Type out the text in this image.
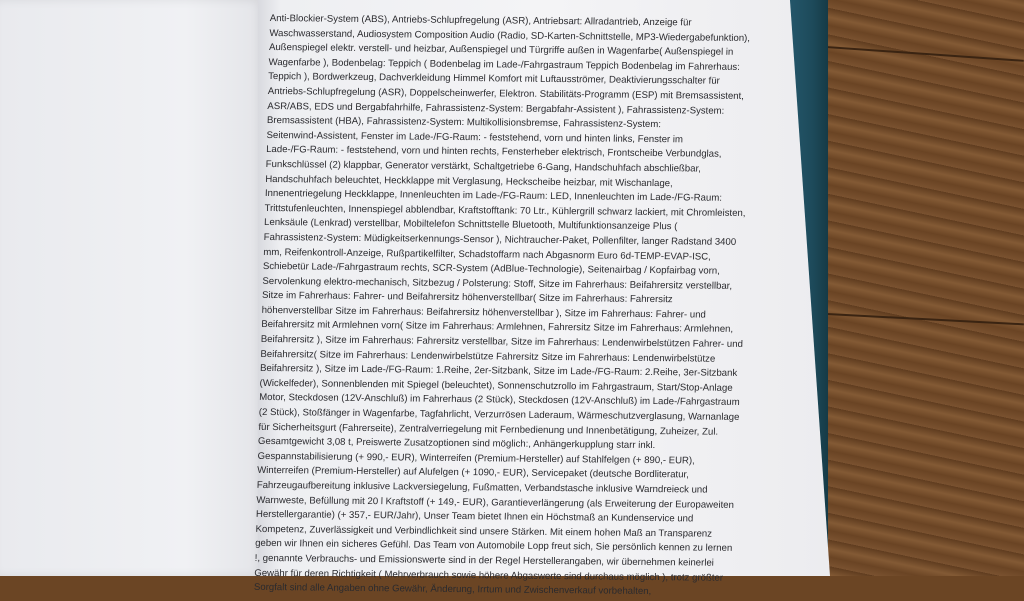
Anti-Blockier-System (ABS), Antriebs-Schlupfregelung (ASR), Antriebsart: Allradantrieb, Anzeige für
Waschwasserstand, Audiosystem Composition Audio (Radio, SD-Karten-Schnittstelle, MP3-Wiedergabefunktion),
Außenspiegel elektr. verstell- und heizbar, Außenspiegel und Türgriffe außen in Wagenfarbe( Außenspiegel in
Wagenfarbe ), Bodenbelag: Teppich ( Bodenbelag im Lade-/Fahrgastraum Teppich Bodenbelag im Fahrerhaus:
Teppich ), Bordwerkzeug, Dachverkleidung Himmel Komfort mit Luftausströmer, Deaktivierungsschalter für
Antriebs-Schlupfregelung (ASR), Doppelscheinwerfer, Elektron. Stabilitäts-Programm (ESP) mit Bremsassistent,
ASR/ABS, EDS und Bergabfahrhilfe, Fahrassistenz-System: Bergabfahr-Assistent ), Fahrassistenz-System:
Bremsassistent (HBA), Fahrassistenz-System: Multikollisionsbremse, Fahrassistenz-System:
Seitenwind-Assistent, Fenster im Lade-/FG-Raum: - feststehend, vorn und hinten links, Fenster im
Lade-/FG-Raum: - feststehend, vorn und hinten rechts, Fensterheber elektrisch, Frontscheibe Verbundglas,
Funkschlüssel (2) klappbar, Generator verstärkt, Schaltgetriebe 6-Gang, Handschuhfach abschließbar,
Handschuhfach beleuchtet, Heckklappe mit Verglasung, Heckscheibe heizbar, mit Wischanlage,
Innenentriegelung Heckklappe, Innenleuchten im Lade-/FG-Raum: LED, Innenleuchten im Lade-/FG-Raum:
Trittstufenleuchten, Innenspiegel abblendbar, Kraftstofftank: 70 Ltr., Kühlergrill schwarz lackiert, mit Chromleisten,
Lenksäule (Lenkrad) verstellbar, Mobiltelefon Schnittstelle Bluetooth, Multifunktionsanzeige Plus (
Fahrassistenz-System: Müdigkeitserkennungs-Sensor ), Nichtraucher-Paket, Pollenfilter, langer Radstand 3400
mm, Reifenkontroll-Anzeige, Rußpartikelfilter, Schadstoffarm nach Abgasnorm Euro 6d-TEMP-EVAP-ISC,
Schiebetür Lade-/Fahrgastraum rechts, SCR-System (AdBlue-Technologie), Seitenairbag / Kopfairbag vorn,
Servolenkung elektro-mechanisch, Sitzbezug / Polsterung: Stoff, Sitze im Fahrerhaus: Beifahrersitz verstellbar,
Sitze im Fahrerhaus: Fahrer- und Beifahrersitz höhenverstellbar( Sitze im Fahrerhaus: Fahrersitz
höhenverstellbar Sitze im Fahrerhaus: Beifahrersitz höhenverstellbar ), Sitze im Fahrerhaus: Fahrer- und
Beifahrersitz mit Armlehnen vorn( Sitze im Fahrerhaus: Armlehnen, Fahrersitz Sitze im Fahrerhaus: Armlehnen,
Beifahrersitz ), Sitze im Fahrerhaus: Fahrersitz verstellbar, Sitze im Fahrerhaus: Lendenwirbelstützen Fahrer- und
Beifahrersitz( Sitze im Fahrerhaus: Lendenwirbelstütze Fahrersitz Sitze im Fahrerhaus: Lendenwirbelstütze
Beifahrersitz ), Sitze im Lade-/FG-Raum: 1.Reihe, 2er-Sitzbank, Sitze im Lade-/FG-Raum: 2.Reihe, 3er-Sitzbank
(Wickelfeder), Sonnenblenden mit Spiegel (beleuchtet), Sonnenschutzrollo im Fahrgastraum, Start/Stop-Anlage
Motor, Steckdosen (12V-Anschluß) im Fahrerhaus (2 Stück), Steckdosen (12V-Anschluß) im Lade-/Fahrgastraum
(2 Stück), Stoßfänger in Wagenfarbe, Tagfahrlicht, Verzurrösen Laderaum, Wärmeschutzverglasung, Warnanlage
für Sicherheitsgurt (Fahrerseite), Zentralverriegelung mit Fernbedienung und Innenbetätigung, Zuheizer, Zul.
Gesamtgewicht 3,08 t, Preiswerte Zusatzoptionen sind möglich:, Anhängerkupplung starr inkl.
Gespannstabilisierung (+ 990,- EUR), Winterreifen (Premium-Hersteller) auf Stahlfelgen (+ 890,- EUR),
Winterreifen (Premium-Hersteller) auf Alufelgen (+ 1090,- EUR), Servicepaket (deutsche Bordliteratur,
Fahrzeugaufbereitung inklusive Lackversiegelung, Fußmatten, Verbandstasche inklusive Warndreieck und
Warnweste, Befüllung mit 20 l Kraftstoff (+ 149,- EUR), Garantieverlängerung (als Erweiterung der Europaweiten
Herstellergarantie) (+ 357,- EUR/Jahr), Unser Team bietet Ihnen ein Höchstmaß an Kundenservice und
Kompetenz, Zuverlässigkeit und Verbindlichkeit sind unsere Stärken. Mit einem hohen Maß an Transparenz
geben wir Ihnen ein sicheres Gefühl. Das Team von Automobile Lopp freut sich, Sie persönlich kennen zu lernen
!, genannte Verbrauchs- und Emissionswerte sind in der Regel Herstellerangaben, wir übernehmen keinerlei
Gewähr für deren Richtigkeit ( Mehrverbrauch sowie höhere Abgaswerte sind durchaus möglich ), trotz größter
Sorgfalt sind alle Angaben ohne Gewähr, Änderung, Irrtum und Zwischenverkauf vorbehalten,
